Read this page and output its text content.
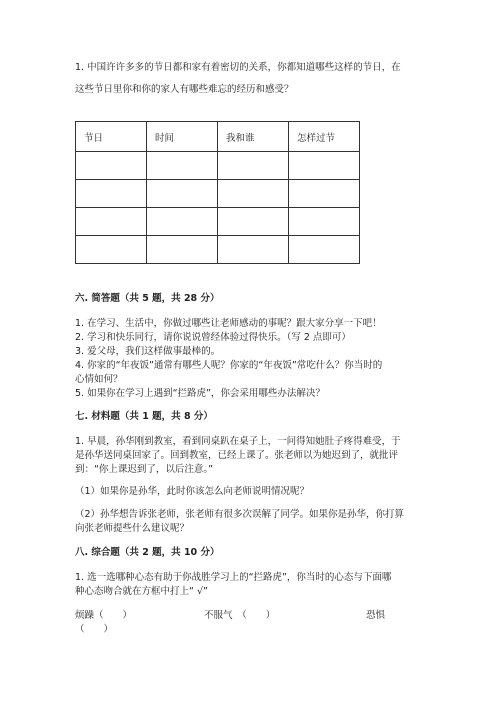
1. 中国许许多多的节日都和家有着密切的关系，你都知道哪些这样的节日，在
这些节日里你和你的家人有哪些难忘的经历和感受？
节日	时间	我和谁	怎样过节

六. 简答题（共 5 题，共 28 分）
1. 在学习、生活中，你做过哪些让老师感动的事呢？跟大家分享一下吧！
2. 学习和快乐同行，请你说说曾经体验过得快乐。（写 2 点即可）
3. 爱父母，我们这样做事最棒的。
4. 你家的“年夜饭”通常有哪些人呢？你家的“年夜饭”常吃什么？你当时的
心情如何？
5. 如果你在学习上遇到“拦路虎”，你会采用哪些办法解决？
七. 材料题（共 1 题，共 8 分）
1. 早晨，孙华刚到教室，看到同桌趴在桌子上，一问得知她肚子疼得难受，于
是孙华送同桌回家了。回到教室，已经上课了。张老师以为她迟到了，就批评
到：“你上课迟到了，以后注意。”
（1）如果你是孙华，此时你该怎么向老师说明情况呢？
（2）孙华想告诉张老师，张老师有很多次误解了同学。如果你是孙华，你打算
向张老师提些什么建议呢？
八. 综合题（共 2 题，共 10 分）
1. 选一选哪种心态有助于你战胜学习上的“拦路虎”，你当时的心态与下面哪
种心态吻合就在方框中打上“ √”
烦躁（　　）	不服气　（　　）	恐惧
（　　）
